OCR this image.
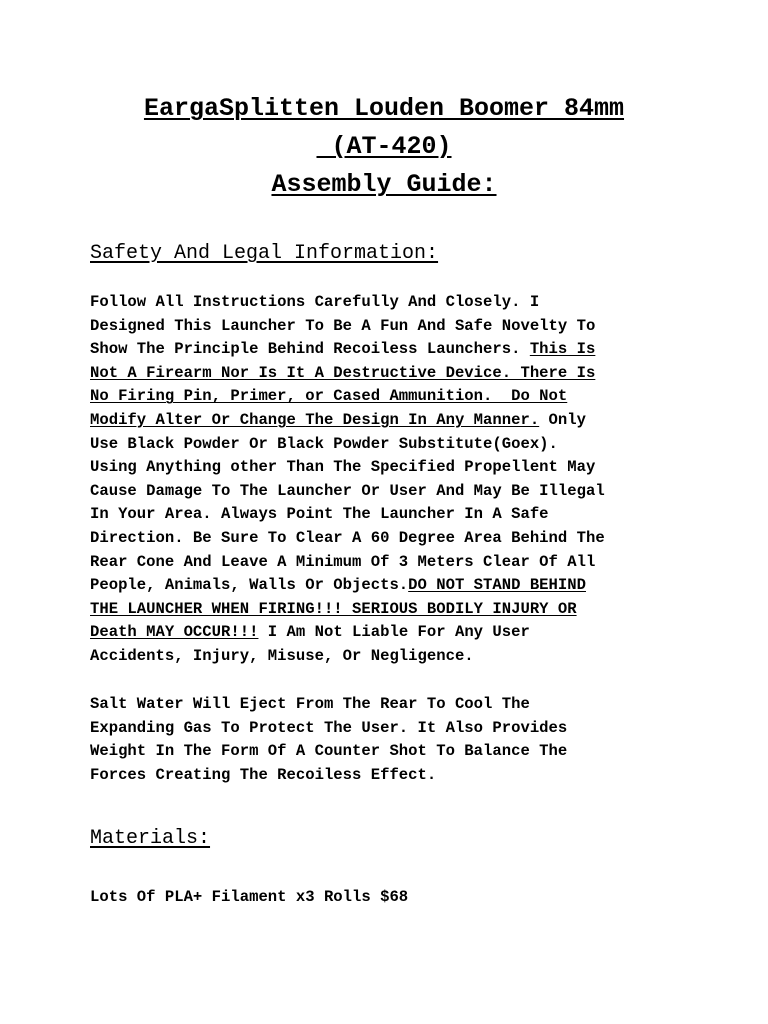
EargaSplitten Louden Boomer 84mm
(AT-420)
Assembly Guide:
Safety And Legal Information:

Follow All Instructions Carefully And Closely. I
Designed This Launcher To Be A Fun And Safe Novelty To
Show The Principle Behind Recoiless Launchers. This Is
Not A Firearm Nor Is It A Destructive Device. There Is
No Firing Pin, Primer, or Cased Ammunition.  Do Not
Modify Alter Or Change The Design In Any Manner. Only
Use Black Powder Or Black Powder Substitute(Goex).
Using Anything other Than The Specified Propellent May
Cause Damage To The Launcher Or User And May Be Illegal
In Your Area. Always Point The Launcher In A Safe
Direction. Be Sure To Clear A 60 Degree Area Behind The
Rear Cone And Leave A Minimum Of 3 Meters Clear Of All
People, Animals, Walls Or Objects.DO NOT STAND BEHIND
THE LAUNCHER WHEN FIRING!!! SERIOUS BODILY INJURY OR
Death MAY OCCUR!!! I Am Not Liable For Any User
Accidents, Injury, Misuse, Or Negligence.

Salt Water Will Eject From The Rear To Cool The
Expanding Gas To Protect The User. It Also Provides
Weight In The Form Of A Counter Shot To Balance The
Forces Creating The Recoiless Effect.

Materials:

Lots Of PLA+ Filament x3 Rolls $68
